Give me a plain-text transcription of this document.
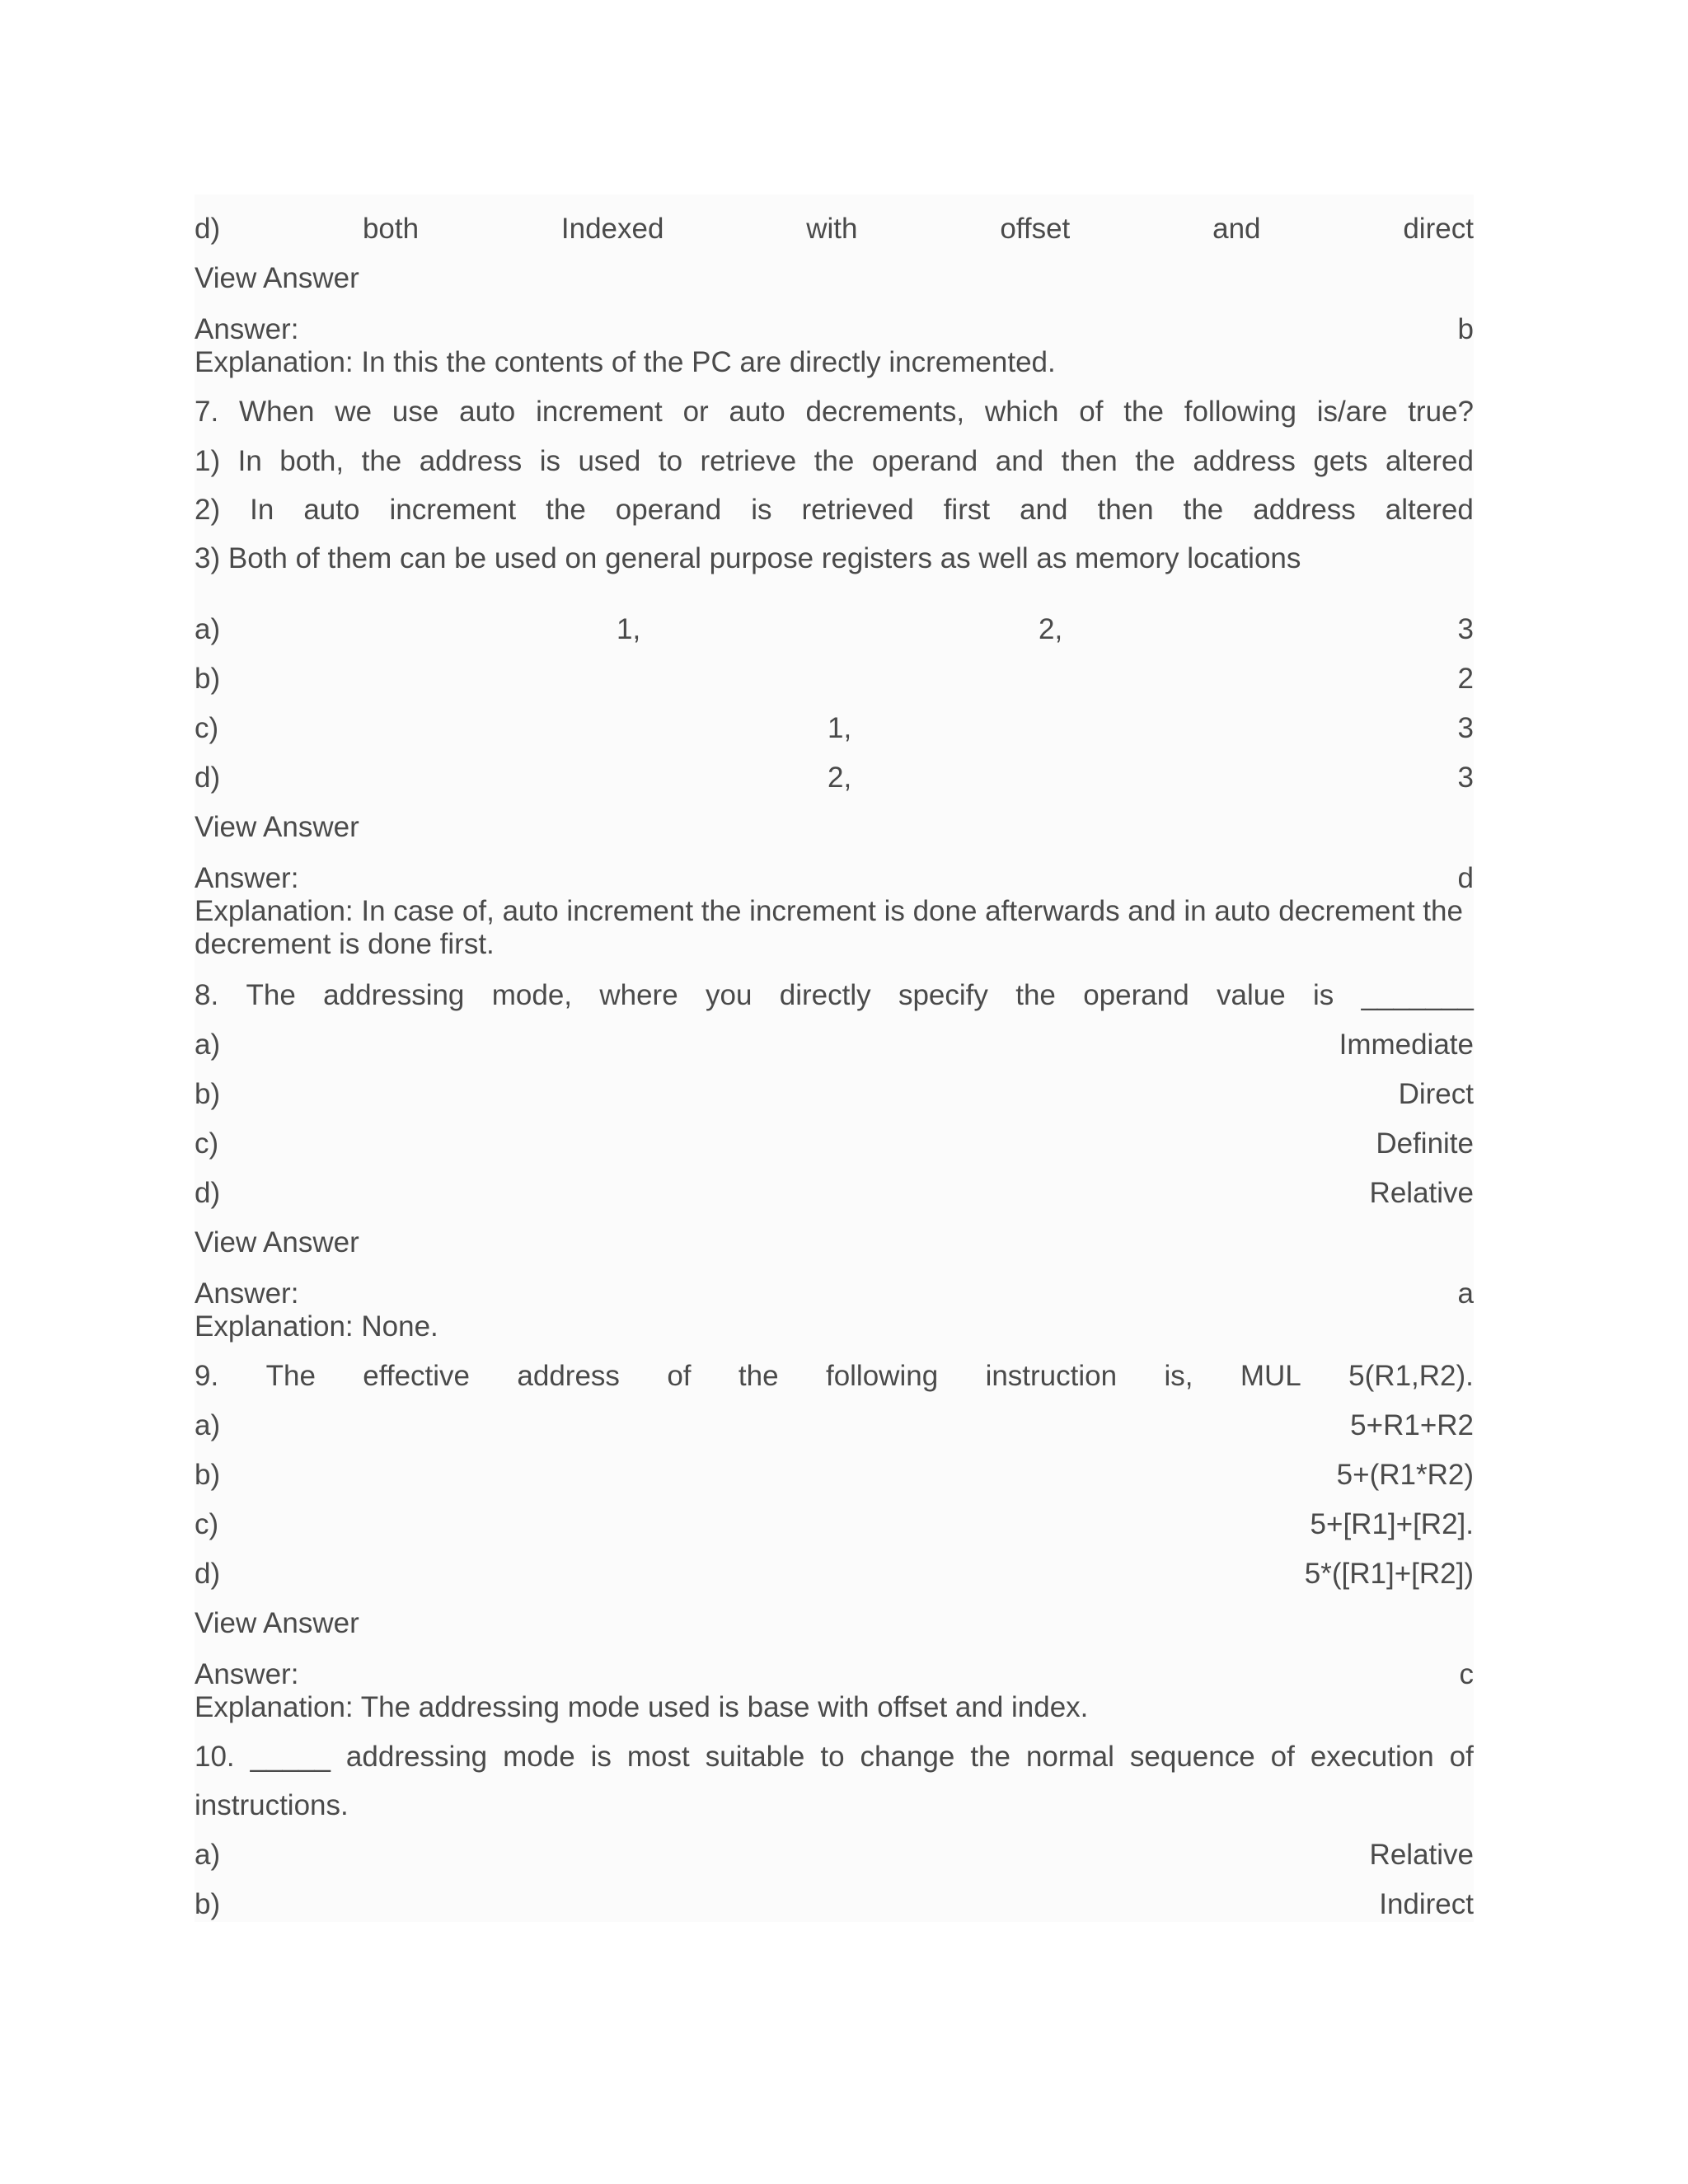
d)	both	Indexed	with	offset	and	direct
View Answer
Answer:	b
Explanation: In this the contents of the PC are directly incremented.
7. When we use auto increment or auto decrements, which of the following is/are true?
1) In both, the address is used to retrieve the operand and then the address gets altered
2) In auto increment the operand is retrieved first and then the address altered
3) Both of them can be used on general purpose registers as well as memory locations
a)	1,	2,	3
b)	2
c)	1,	3
d)	2,	3
View Answer
Answer:	d
Explanation: In case of, auto increment the increment is done afterwards and in auto decrement the
decrement is done first.
8. The addressing mode, where you directly specify the operand value is _______
a)	Immediate
b)	Direct
c)	Definite
d)	Relative
View Answer
Answer:	a
Explanation: None.
9. The effective address of the following instruction is, MUL 5(R1,R2).
a)	5+R1+R2
b)	5+(R1*R2)
c)	5+[R1]+[R2].
d)	5*([R1]+[R2])
View Answer
Answer:	c
Explanation: The addressing mode used is base with offset and index.
10. _____ addressing mode is most suitable to change the normal sequence of execution of
instructions.
a)	Relative
b)	Indirect
